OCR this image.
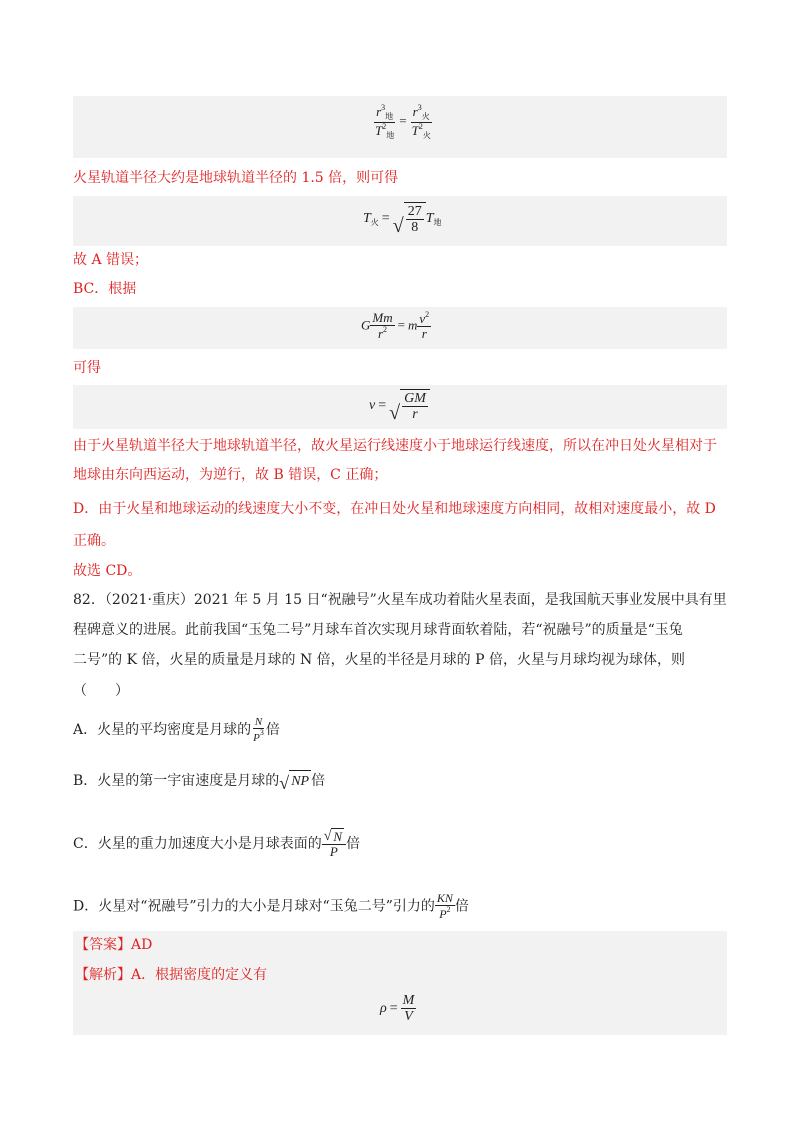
$\frac{r^3_地}{T^2_地} = \frac{r^3_火}{T^2_火}$
火星轨道半径大约是地球轨道半径的 1.5 倍，则可得
$T_火$ = √ $\frac{27}{8} T_地$
故 A 错误；
BC．根据
G $\frac{Mm}{r^2} = m \frac{v^2}{r}$
可得
v = √ $\frac{GM}{r}$
由于火星轨道半径大于地球轨道半径，故火星运行线速度小于地球运行线速度，所以在冲日处火星相对于
地球由东向西运动，为逆行，故 B 错误，C 正确；
D．由于火星和地球运动的线速度大小不变，在冲日处火星和地球速度方向相同，故相对速度最小，故 D
正确。
故选 CD。
82．（2021·重庆）2021 年 5 月 15 日“祝融号”火星车成功着陆火星表面，是我国航天事业发展中具有里
程碑意义的进展。此前我国“玉兔二号”月球车首次实现月球背面软着陆，若“祝融号”的质量是“玉兔
二号”的 K 倍，火星的质量是月球的 N 倍，火星的半径是月球的 P 倍，火星与月球均视为球体，则
（　　）
A．火星的平均密度是月球的 $\frac{N}{P^3}$ 倍
B．火星的第一宇宙速度是月球的 √ NP 倍
C．火星的重力加速度大小是月球表面的 $\frac{√ N}{P}$ 倍
D．火星对“祝融号”引力的大小是月球对“玉兔二号”引力的 $\frac{KN}{P^2}$ 倍
【答案】AD
【解析】A．根据密度的定义有
$\rho = \frac{M}{V}$
